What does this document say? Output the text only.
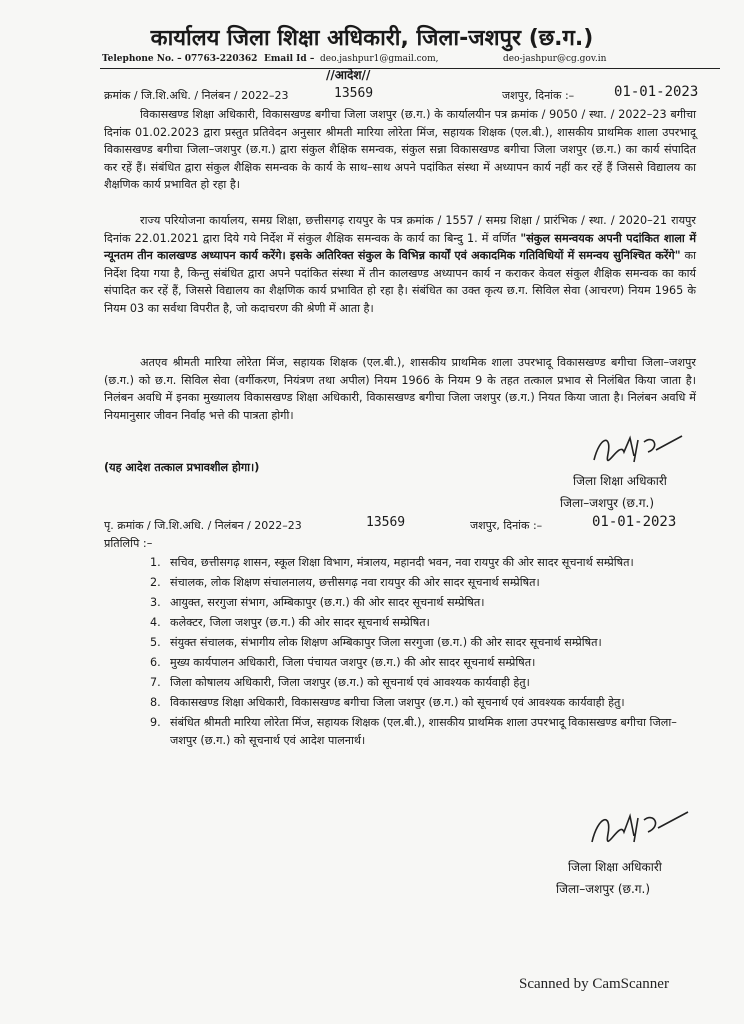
कार्यालय जिला शिक्षा अधिकारी, जिला-जशपुर (छ.ग.)
Telephone No. – 07763-220362 Email Id – deo.jashpur1@gmail.com,	deo-jashpur@cg.gov.in
//आदेश//
क्रमांक / जि.शि.अधि. / निलंबन / 2022–23	13569	जशपुर, दिनांक :–	01-01-2023
विकासखण्ड शिक्षा अधिकारी, विकासखण्ड बगीचा जिला जशपुर (छ.ग.) के कार्यालयीन पत्र क्रमांक / 9050 / स्था. / 2022–23 बगीचा दिनांक 01.02.2023 द्वारा प्रस्तुत प्रतिवेदन अनुसार श्रीमती मारिया लोरेता मिंज, सहायक शिक्षक (एल.बी.), शासकीय प्राथमिक शाला उपरभादू विकासखण्ड बगीचा जिला–जशपुर (छ.ग.) द्वारा संकुल शैक्षिक समन्वक, संकुल सन्ना विकासखण्ड बगीचा जिला जशपुर (छ.ग.) का कार्य संपादित कर रहें हैं। संबंधित द्वारा संकुल शैक्षिक समन्वक के कार्य के साथ–साथ अपने पदांकित संस्था में अध्यापन कार्य नहीं कर रहें हैं जिससे विद्यालय का शैक्षणिक कार्य प्रभावित हो रहा है।
राज्य परियोजना कार्यालय, समग्र शिक्षा, छत्तीसगढ़ रायपुर के पत्र क्रमांक / 1557 / समग्र शिक्षा / प्रारंभिक / स्था. / 2020–21 रायपुर दिनांक 22.01.2021 द्वारा दिये गये निर्देश में संकुल शैक्षिक समन्वक के कार्य का बिन्दु 1. में वर्णित "संकुल समन्वयक अपनी पदांकित शाला में न्यूनतम तीन कालखण्ड अध्यापन कार्य करेंगे। इसके अतिरिक्त संकुल के विभिन्न कार्यों एवं अकादमिक गतिविधियों में समन्वय सुनिश्चित करेंगे" का निर्देश दिया गया है, किन्तु संबंधित द्वारा अपने पदांकित संस्था में तीन कालखण्ड अध्यापन कार्य न कराकर केवल संकुल शैक्षिक समन्वक का कार्य संपादित कर रहें हैं, जिससे विद्यालय का शैक्षणिक कार्य प्रभावित हो रहा है। संबंधित का उक्त कृत्य छ.ग. सिविल सेवा (आचरण) नियम 1965 के नियम 03 का सर्वथा विपरीत है, जो कदाचरण की श्रेणी में आता है।
अतएव श्रीमती मारिया लोरेता मिंज, सहायक शिक्षक (एल.बी.), शासकीय प्राथमिक शाला उपरभादू विकासखण्ड बगीचा जिला–जशपुर (छ.ग.) को छ.ग. सिविल सेवा (वर्गीकरण, नियंत्रण तथा अपील) नियम 1966 के नियम 9 के तहत तत्काल प्रभाव से निलंबित किया जाता है। निलंबन अवधि में इनका मुख्यालय विकासखण्ड शिक्षा अधिकारी, विकासखण्ड बगीचा जिला जशपुर (छ.ग.) नियत किया जाता है। निलंबन अवधि में नियमानुसार जीवन निर्वाह भत्ते की पात्रता होगी।
(यह आदेश तत्काल प्रभावशील होगा।)
जिला शिक्षा अधिकारी
जिला–जशपुर (छ.ग.)
पृ. क्रमांक / जि.शि.अधि. / निलंबन / 2022–23	13569	जशपुर, दिनांक :–	01-01-2023
प्रतिलिपि :–
1. सचिव, छत्तीसगढ़ शासन, स्कूल शिक्षा विभाग, मंत्रालय, महानदी भवन, नवा रायपुर की ओर सादर सूचनार्थ सम्प्रेषित।
2. संचालक, लोक शिक्षण संचालनालय, छत्तीसगढ़ नवा रायपुर की ओर सादर सूचनार्थ सम्प्रेषित।
3. आयुक्त, सरगुजा संभाग, अम्बिकापुर (छ.ग.) की ओर सादर सूचनार्थ सम्प्रेषित।
4. कलेक्टर, जिला जशपुर (छ.ग.) की ओर सादर सूचनार्थ सम्प्रेषित।
5. संयुक्त संचालक, संभागीय लोक शिक्षण अम्बिकापुर जिला सरगुजा (छ.ग.) की ओर सादर सूचनार्थ सम्प्रेषित।
6. मुख्य कार्यपालन अधिकारी, जिला पंचायत जशपुर (छ.ग.) की ओर सादर सूचनार्थ सम्प्रेषित।
7. जिला कोषालय अधिकारी, जिला जशपुर (छ.ग.) को सूचनार्थ एवं आवश्यक कार्यवाही हेतु।
8. विकासखण्ड शिक्षा अधिकारी, विकासखण्ड बगीचा जिला जशपुर (छ.ग.) को सूचनार्थ एवं आवश्यक कार्यवाही हेतु।
9. संबंधित श्रीमती मारिया लोरेता मिंज, सहायक शिक्षक (एल.बी.), शासकीय प्राथमिक शाला उपरभादू विकासखण्ड बगीचा जिला–जशपुर (छ.ग.) को सूचनार्थ एवं आदेश पालनार्थ।
जिला शिक्षा अधिकारी
जिला–जशपुर (छ.ग.)
Scanned by CamScanner
